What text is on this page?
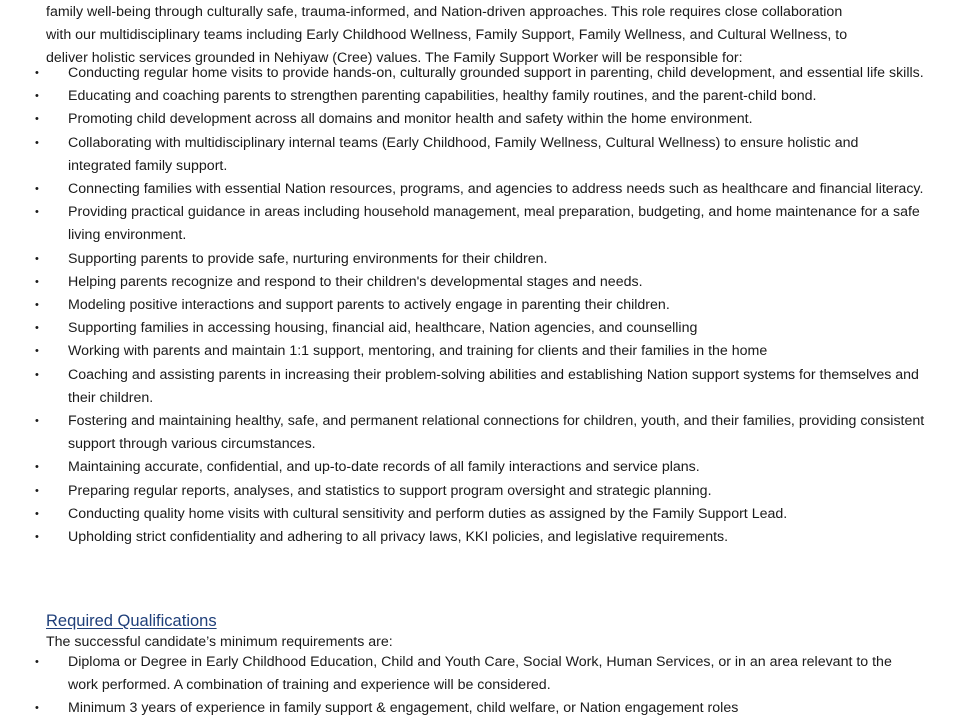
family well-being through culturally safe, trauma-informed, and Nation-driven approaches. This role requires close collaboration
with our multidisciplinary teams including Early Childhood Wellness, Family Support, Family Wellness, and Cultural Wellness, to
deliver holistic services grounded in Nehiyaw (Cree) values. The Family Support Worker will be responsible for:
• Conducting regular home visits to provide hands-on, culturally grounded support in parenting, child development, and essential life skills.
• Educating and coaching parents to strengthen parenting capabilities, healthy family routines, and the parent-child bond.
• Promoting child development across all domains and monitor health and safety within the home environment.
• Collaborating with multidisciplinary internal teams (Early Childhood, Family Wellness, Cultural Wellness) to ensure holistic and integrated family support.
• Connecting families with essential Nation resources, programs, and agencies to address needs such as healthcare and financial literacy.
• Providing practical guidance in areas including household management, meal preparation, budgeting, and home maintenance for a safe living environment.
• Supporting parents to provide safe, nurturing environments for their children.
• Helping parents recognize and respond to their children's developmental stages and needs.
• Modeling positive interactions and support parents to actively engage in parenting their children.
• Supporting families in accessing housing, financial aid, healthcare, Nation agencies, and counselling
• Working with parents and maintain 1:1 support, mentoring, and training for clients and their families in the home
• Coaching and assisting parents in increasing their problem-solving abilities and establishing Nation support systems for themselves and their children.
• Fostering and maintaining healthy, safe, and permanent relational connections for children, youth, and their families, providing consistent support through various circumstances.
• Maintaining accurate, confidential, and up-to-date records of all family interactions and service plans.
• Preparing regular reports, analyses, and statistics to support program oversight and strategic planning.
• Conducting quality home visits with cultural sensitivity and perform duties as assigned by the Family Support Lead.
• Upholding strict confidentiality and adhering to all privacy laws, KKI policies, and legislative requirements.
Required Qualifications
The successful candidate’s minimum requirements are:
• Diploma or Degree in Early Childhood Education, Child and Youth Care, Social Work, Human Services, or in an area relevant to the work performed. A combination of training and experience will be considered.
• Minimum 3 years of experience in family support & engagement, child welfare, or Nation engagement roles
